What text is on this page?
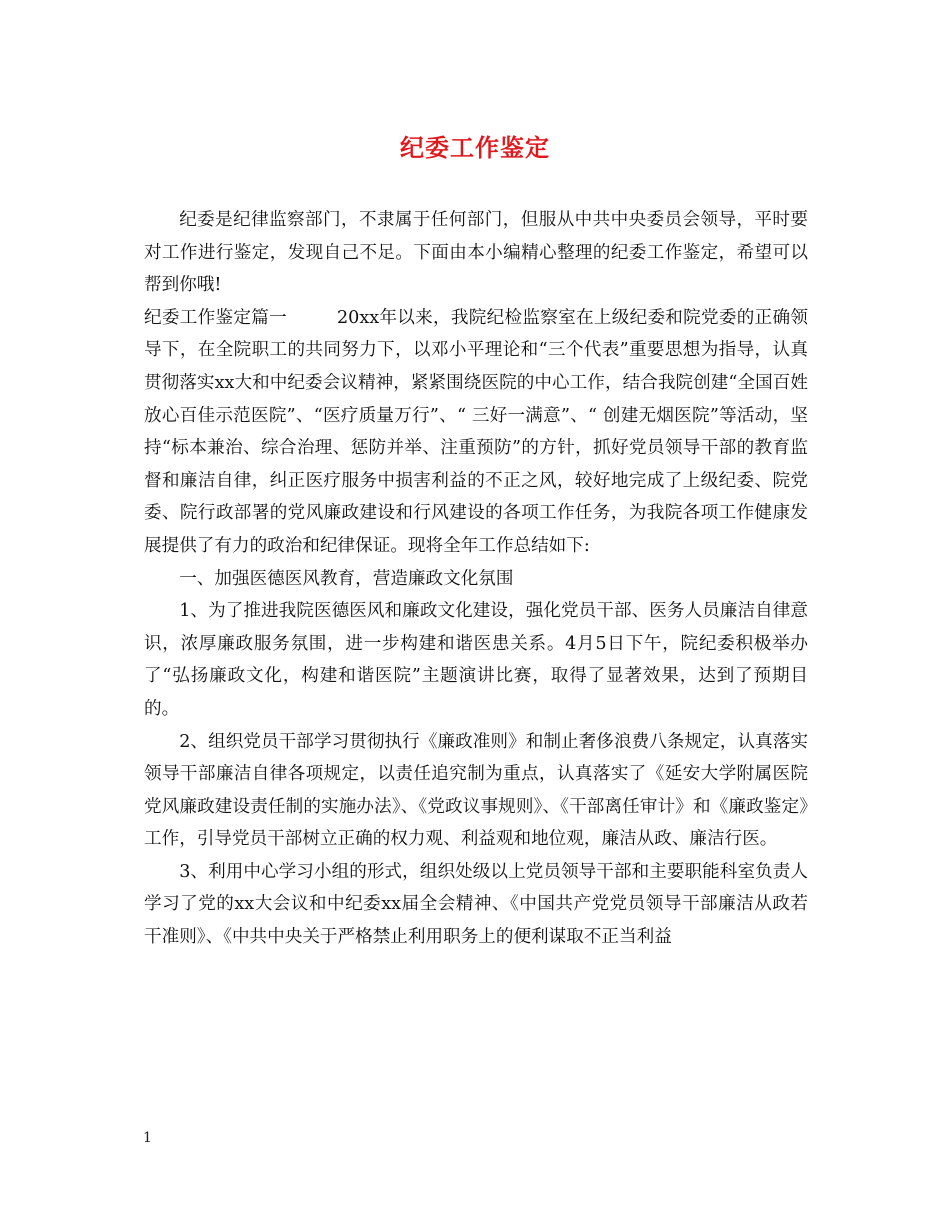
纪委工作鉴定

纪委是纪律监察部门，不隶属于任何部门，但服从中共中央委员会领导，平时要对工作进行鉴定，发现自己不足。下面由本小编精心整理的纪委工作鉴定，希望可以帮到你哦!

纪委工作鉴定篇一	20xx年以来，我院纪检监察室在上级纪委和院党委的正确领导下，在全院职工的共同努力下，以邓小平理论和“三个代表”重要思想为指导，认真贯彻落实xx大和中纪委会议精神，紧紧围绕医院的中心工作，结合我院创建“全国百姓放心百佳示范医院”、“医疗质量万行”、“ 三好一满意”、“ 创建无烟医院”等活动，坚持“标本兼治、综合治理、惩防并举、注重预防”的方针，抓好党员领导干部的教育监督和廉洁自律，纠正医疗服务中损害利益的不正之风，较好地完成了上级纪委、院党委、院行政部署的党风廉政建设和行风建设的各项工作任务，为我院各项工作健康发展提供了有力的政治和纪律保证。现将全年工作总结如下:

一、加强医德医风教育，营造廉政文化氛围

1、为了推进我院医德医风和廉政文化建设，强化党员干部、医务人员廉洁自律意识，浓厚廉政服务氛围，进一步构建和谐医患关系。4月5日下午，院纪委积极举办了“弘扬廉政文化，构建和谐医院”主题演讲比赛，取得了显著效果，达到了预期目的。

2、组织党员干部学习贯彻执行《廉政准则》和制止奢侈浪费八条规定，认真落实领导干部廉洁自律各项规定，以责任追究制为重点，认真落实了《延安大学附属医院党风廉政建设责任制的实施办法》、《党政议事规则》、《干部离任审计》和《廉政鉴定》工作，引导党员干部树立正确的权力观、利益观和地位观，廉洁从政、廉洁行医。

3、利用中心学习小组的形式，组织处级以上党员领导干部和主要职能科室负责人学习了党的xx大会议和中纪委xx届全会精神、《中国共产党党员领导干部廉洁从政若干准则》、《中共中央关于严格禁止利用职务上的便利谋取不正当利益

1
